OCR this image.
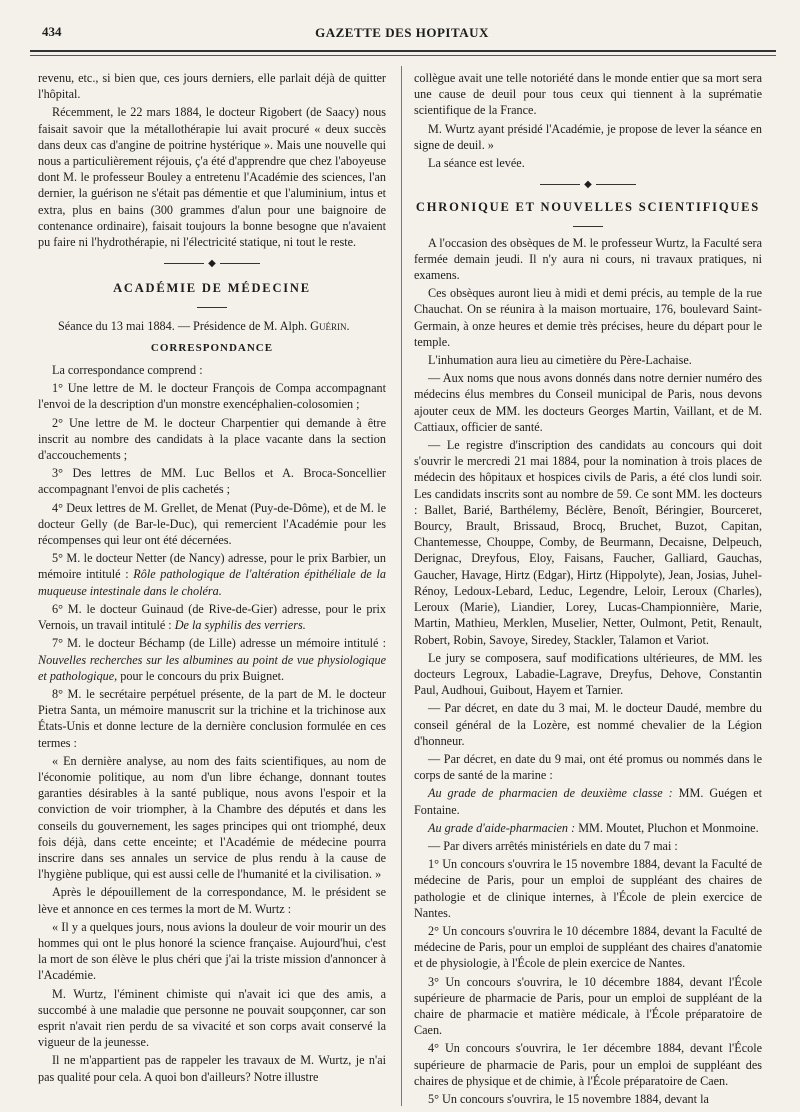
434	GAZETTE DES HOPITAUX

revenu, etc., si bien que, ces jours derniers, elle parlait déjà de quitter l'hôpital.

Récemment, le 22 mars 1884, le docteur Rigobert (de Saacy) nous faisait savoir que la métallothérapie lui avait procuré « deux succès dans deux cas d'angine de poitrine hystérique ». Mais une nouvelle qui nous a particulièrement réjouis, ç'a été d'apprendre que chez l'aboyeuse dont M. le professeur Bouley a entretenu l'Académie des sciences, l'an dernier, la guérison ne s'était pas démentie et que l'aluminium, intus et extra, plus en bains (300 grammes d'alun pour une baignoire de contenance ordinaire), faisait toujours la bonne besogne que n'avaient pu faire ni l'hydrothérapie, ni l'électricité statique, ni tout le reste.

◆
ACADÉMIE DE MÉDECINE

Séance du 13 mai 1884. — Présidence de M. Alph. Guérin.

CORRESPONDANCE

La correspondance comprend :

1° Une lettre de M. le docteur François de Compa accompagnant l'envoi de la description d'un monstre exencéphalien-colosomien ;

2° Une lettre de M. le docteur Charpentier qui demande à être inscrit au nombre des candidats à la place vacante dans la section d'accouchements ;

3° Des lettres de MM. Luc Bellos et A. Broca-Soncellier accompagnant l'envoi de plis cachetés ;

4° Deux lettres de M. Grellet, de Menat (Puy-de-Dôme), et de M. le docteur Gelly (de Bar-le-Duc), qui remercient l'Académie pour les récompenses qui leur ont été décernées.

5° M. le docteur Netter (de Nancy) adresse, pour le prix Barbier, un mémoire intitulé : Rôle pathologique de l'altération épithéliale de la muqueuse intestinale dans le choléra.

6° M. le docteur Guinaud (de Rive-de-Gier) adresse, pour le prix Vernois, un travail intitulé : De la syphilis des verriers.

7° M. le docteur Béchamp (de Lille) adresse un mémoire intitulé : Nouvelles recherches sur les albumines au point de vue physiologique et pathologique, pour le concours du prix Buignet.

8° M. le secrétaire perpétuel présente, de la part de M. le docteur Pietra Santa, un mémoire manuscrit sur la trichine et la trichinose aux États-Unis et donne lecture de la dernière conclusion formulée en ces termes :

« En dernière analyse, au nom des faits scientifiques, au nom de l'économie politique, au nom d'un libre échange, donnant toutes garanties désirables à la santé publique, nous avons l'espoir et la conviction de voir triompher, à la Chambre des députés et dans les conseils du gouvernement, les sages principes qui ont triomphé, deux fois déjà, dans cette enceinte; et l'Académie de médecine pourra inscrire dans ses annales un service de plus rendu à la cause de l'hygiène publique, qui est aussi celle de l'humanité et la civilisation. »

Après le dépouillement de la correspondance, M. le président se lève et annonce en ces termes la mort de M. Wurtz :

« Il y a quelques jours, nous avions la douleur de voir mourir un des hommes qui ont le plus honoré la science française. Aujourd'hui, c'est la mort de son élève le plus chéri que j'ai la triste mission d'annoncer à l'Académie.

M. Wurtz, l'éminent chimiste qui n'avait ici que des amis, a succombé à une maladie que personne ne pouvait soupçonner, car son esprit n'avait rien perdu de sa vivacité et son corps avait conservé la vigueur de la jeunesse.

Il ne m'appartient pas de rappeler les travaux de M. Wurtz, je n'ai pas qualité pour cela. A quoi bon d'ailleurs? Notre illustre

collègue avait une telle notoriété dans le monde entier que sa mort sera une cause de deuil pour tous ceux qui tiennent à la suprématie scientifique de la France.

M. Wurtz ayant présidé l'Académie, je propose de lever la séance en signe de deuil. »

La séance est levée.

◆
CHRONIQUE ET NOUVELLES SCIENTIFIQUES

A l'occasion des obsèques de M. le professeur Wurtz, la Faculté sera fermée demain jeudi. Il n'y aura ni cours, ni travaux pratiques, ni examens.

Ces obsèques auront lieu à midi et demi précis, au temple de la rue Chauchat. On se réunira à la maison mortuaire, 176, boulevard Saint-Germain, à onze heures et demie très précises, heure du départ pour le temple.

L'inhumation aura lieu au cimetière du Père-Lachaise.

— Aux noms que nous avons donnés dans notre dernier numéro des médecins élus membres du Conseil municipal de Paris, nous devons ajouter ceux de MM. les docteurs Georges Martin, Vaillant, et de M. Cattiaux, officier de santé.

— Le registre d'inscription des candidats au concours qui doit s'ouvrir le mercredi 21 mai 1884, pour la nomination à trois places de médecin des hôpitaux et hospices civils de Paris, a été clos lundi soir. Les candidats inscrits sont au nombre de 59. Ce sont MM. les docteurs : Ballet, Barié, Barthélemy, Béclère, Benoît, Béringier, Bourceret, Bourcy, Brault, Brissaud, Brocq, Bruchet, Buzot, Capitan, Chantemesse, Chouppe, Comby, de Beurmann, Decaisne, Delpeuch, Derignac, Dreyfous, Eloy, Faisans, Faucher, Galliard, Gauchas, Gaucher, Havage, Hirtz (Edgar), Hirtz (Hippolyte), Jean, Josias, Juhel-Rénoy, Ledoux-Lebard, Leduc, Legendre, Leloir, Leroux (Charles), Leroux (Marie), Liandier, Lorey, Lucas-Championnière, Marie, Martin, Mathieu, Merklen, Muselier, Netter, Oulmont, Petit, Renault, Robert, Robin, Savoye, Siredey, Stackler, Talamon et Variot.

Le jury se composera, sauf modifications ultérieures, de MM. les docteurs Legroux, Labadie-Lagrave, Dreyfus, Dehove, Constantin Paul, Audhoui, Guibout, Hayem et Tarnier.

— Par décret, en date du 3 mai, M. le docteur Daudé, membre du conseil général de la Lozère, est nommé chevalier de la Légion d'honneur.

— Par décret, en date du 9 mai, ont été promus ou nommés dans le corps de santé de la marine :

Au grade de pharmacien de deuxième classe : MM. Guégen et Fontaine.

Au grade d'aide-pharmacien : MM. Moutet, Pluchon et Monmoine.

— Par divers arrêtés ministériels en date du 7 mai :

1° Un concours s'ouvrira le 15 novembre 1884, devant la Faculté de médecine de Paris, pour un emploi de suppléant des chaires de pathologie et de clinique internes, à l'École de plein exercice de Nantes.

2° Un concours s'ouvrira le 10 décembre 1884, devant la Faculté de médecine de Paris, pour un emploi de suppléant des chaires d'anatomie et de physiologie, à l'École de plein exercice de Nantes.

3° Un concours s'ouvrira, le 10 décembre 1884, devant l'École supérieure de pharmacie de Paris, pour un emploi de suppléant de la chaire de pharmacie et matière médicale, à l'École préparatoire de Caen.

4° Un concours s'ouvrira, le 1er décembre 1884, devant l'École supérieure de pharmacie de Paris, pour un emploi de suppléant des chaires de physique et de chimie, à l'École préparatoire de Caen.

5° Un concours s'ouvrira, le 15 novembre 1884, devant la
